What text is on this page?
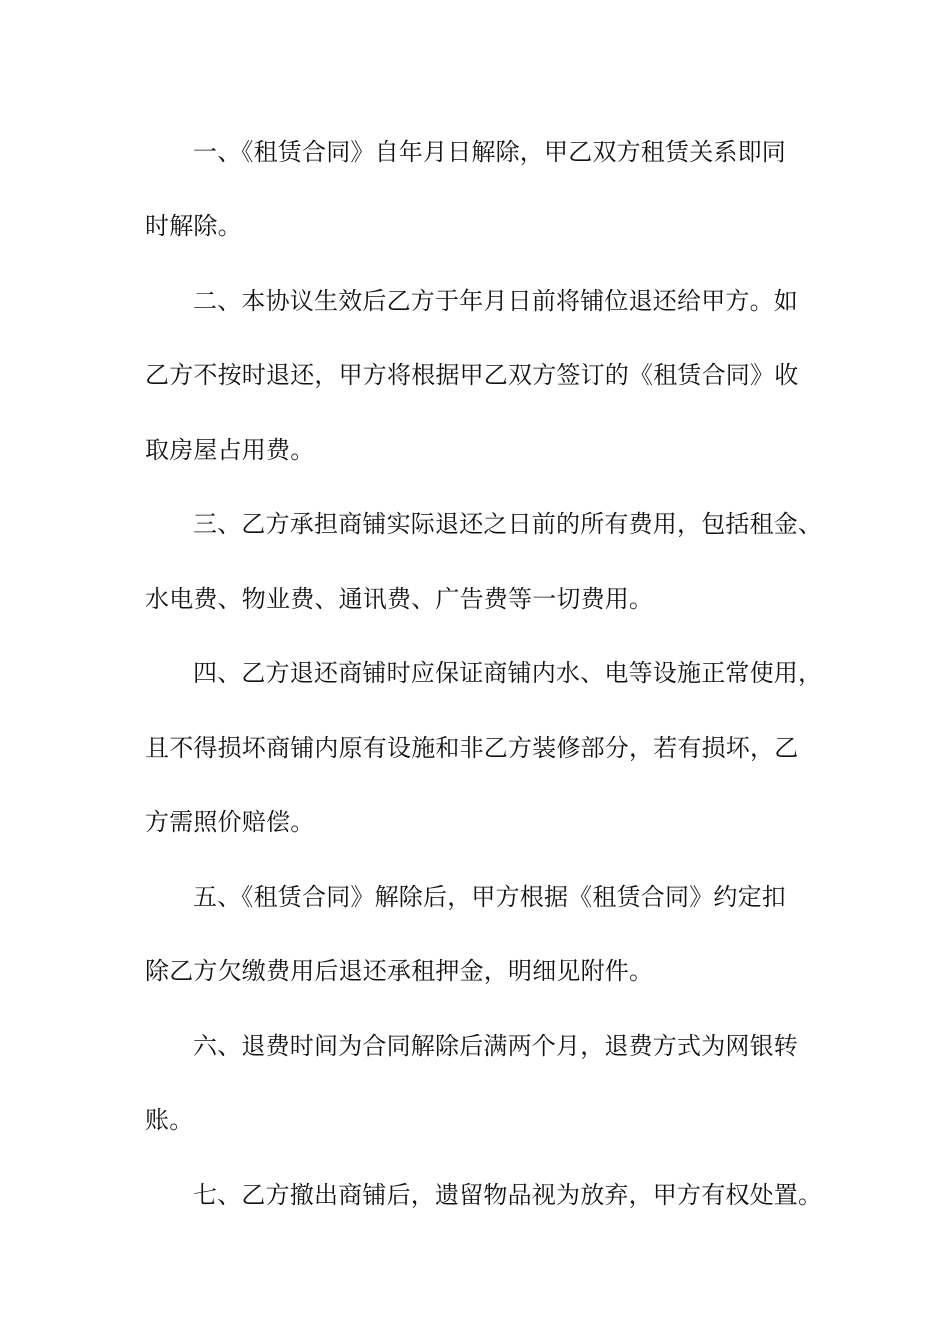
一、《租赁合同》自年月日解除，甲乙双方租赁关系即同
时解除。
二、本协议生效后乙方于年月日前将铺位退还给甲方。如
乙方不按时退还，甲方将根据甲乙双方签订的《租赁合同》收
取房屋占用费。
三、乙方承担商铺实际退还之日前的所有费用，包括租金、
水电费、物业费、通讯费、广告费等一切费用。
四、乙方退还商铺时应保证商铺内水、电等设施正常使用，
且不得损坏商铺内原有设施和非乙方装修部分，若有损坏，乙
方需照价赔偿。
五、《租赁合同》解除后，甲方根据《租赁合同》约定扣
除乙方欠缴费用后退还承租押金，明细见附件。
六、退费时间为合同解除后满两个月，退费方式为网银转
账。
七、乙方撤出商铺后，遗留物品视为放弃，甲方有权处置。
